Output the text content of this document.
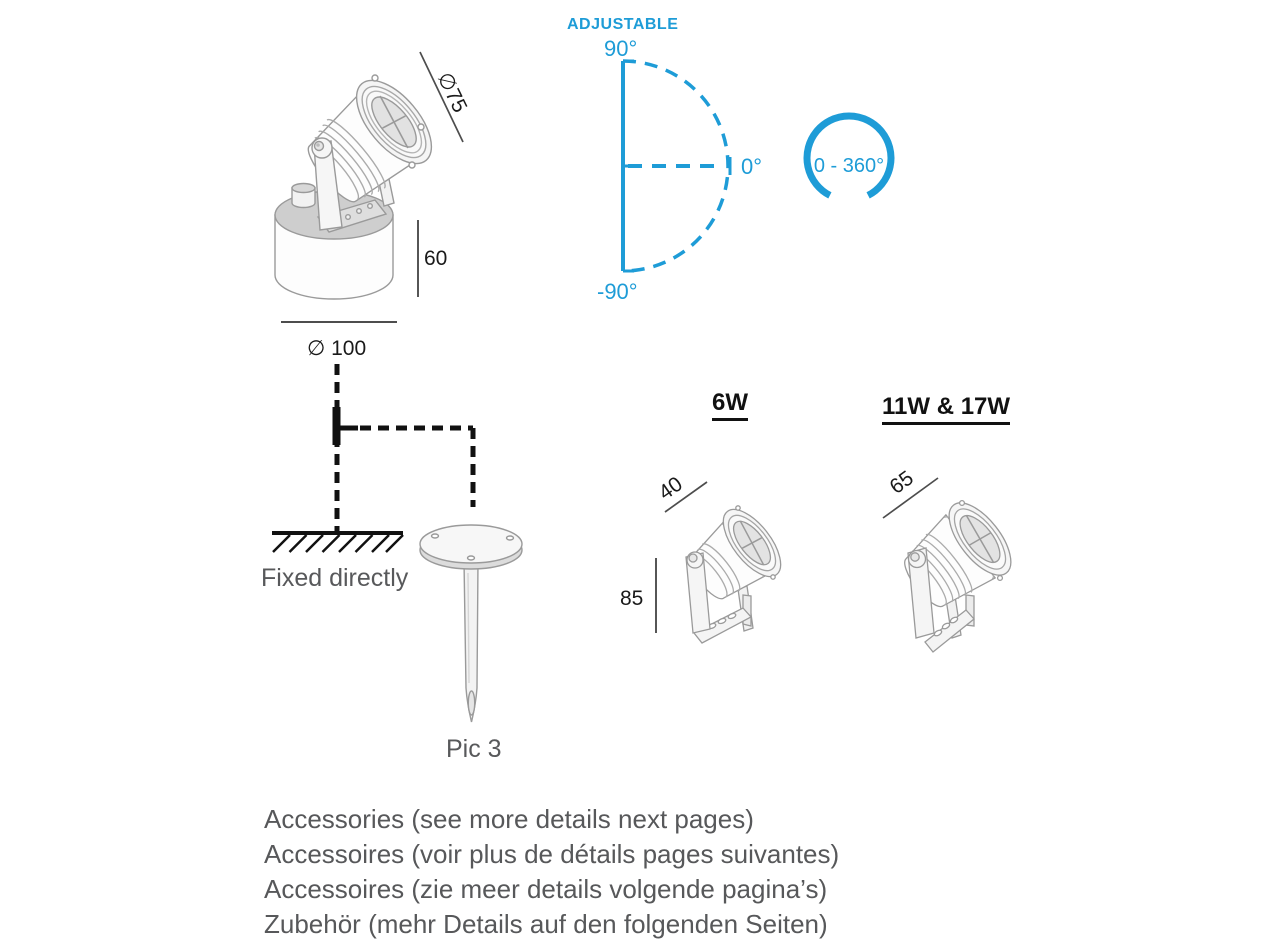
ADJUSTABLE
90°
0°
-90°
0 - 360°
∅75
60
∅ 100
Fixed directly
Pic 3
6W	11W & 17W
40
85
65
Accessories (see more details next pages)
Accessoires (voir plus de détails pages suivantes)
Accessoires (zie meer details volgende pagina’s)
Zubehör (mehr Details auf den folgenden Seiten)
